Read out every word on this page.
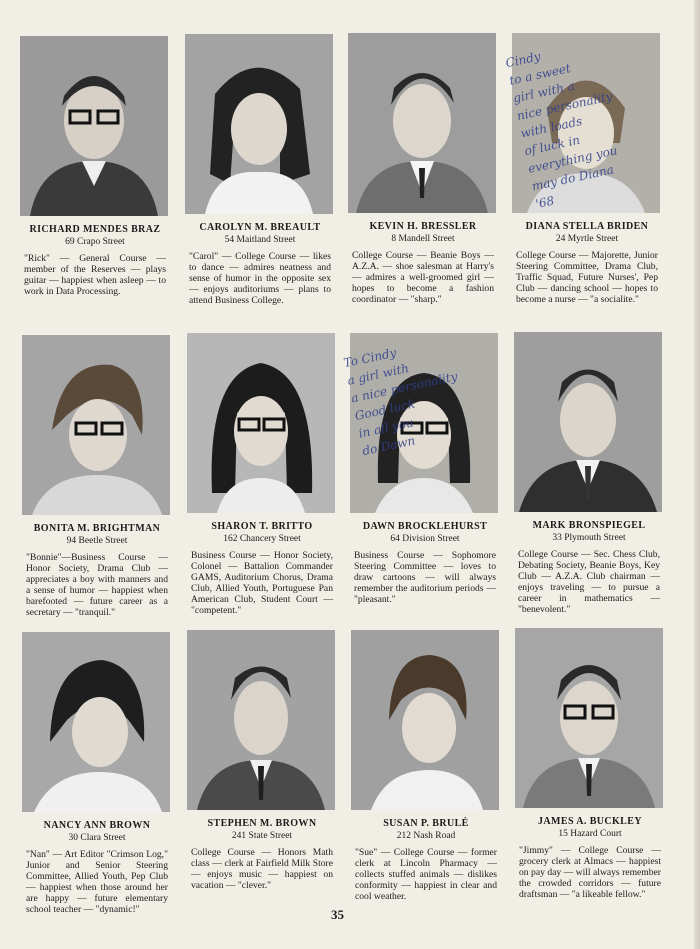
RICHARD MENDES BRAZ
69 Crapo Street
"Rick" — General Course — member of the Reserves — plays guitar — happiest when asleep — to work in Data Processing.
CAROLYN M. BREAULT
54 Maitland Street
"Carol" — College Course — likes to dance — admires neatness and sense of humor in the opposite sex — enjoys auditoriums — plans to attend Business College.
KEVIN H. BRESSLER
8 Mandell Street
College Course — Beanie Boys — A.Z.A. — shoe salesman at Harry's — admires a well-groomed girl — hopes to become a fashion coordinator — "sharp."
Cindy
to a sweet
girl with a
nice personality
with loads
of luck in
everything you
may do Diana
'68
DIANA STELLA BRIDEN
24 Myrtle Street
College Course — Majorette, Junior Steering Committee, Drama Club, Traffic Squad, Future Nurses', Pep Club — dancing school — hopes to become a nurse — "a socialite."
BONITA M. BRIGHTMAN
94 Beetle Street
"Bonnie"—Business Course — Honor Society, Drama Club — appreciates a boy with manners and a sense of humor — happiest when barefooted — future career as a secretary — "tranquil."
SHARON T. BRITTO
162 Chancery Street
Business Course — Honor Society, Colonel — Battalion Commander GAMS, Auditorium Chorus, Drama Club, Allied Youth, Portuguese Pan American Club, Student Court — "competent."
To Cindy
a girl with
a nice personality
Good luck
in all you
do Dawn
DAWN BROCKLEHURST
64 Division Street
Business Course — Sophomore Steering Committee — loves to draw cartoons — will always remember the auditorium periods — "pleasant."
MARK BRONSPIEGEL
33 Plymouth Street
College Course — Sec. Chess Club, Debating Society, Beanie Boys, Key Club — A.Z.A. Club chairman — enjoys traveling — to pursue a career in mathematics — "benevolent."
NANCY ANN BROWN
30 Clara Street
"Nan" — Art Editor "Crimson Log," Junior and Senior Steering Committee, Allied Youth, Pep Club — happiest when those around her are happy — future elementary school teacher — "dynamic!"
STEPHEN M. BROWN
241 State Street
College Course — Honors Math class — clerk at Fairfield Milk Store — enjoys music — happiest on vacation — "clever."
SUSAN P. BRULÉ
212 Nash Road
"Sue" — College Course — former clerk at Lincoln Pharmacy — collects stuffed animals — dislikes conformity — happiest in clear and cool weather.
JAMES A. BUCKLEY
15 Hazard Court
"Jimmy" — College Course — grocery clerk at Almacs — happiest on pay day — will always remember the crowded corridors — future draftsman — "a likeable fellow."
35
